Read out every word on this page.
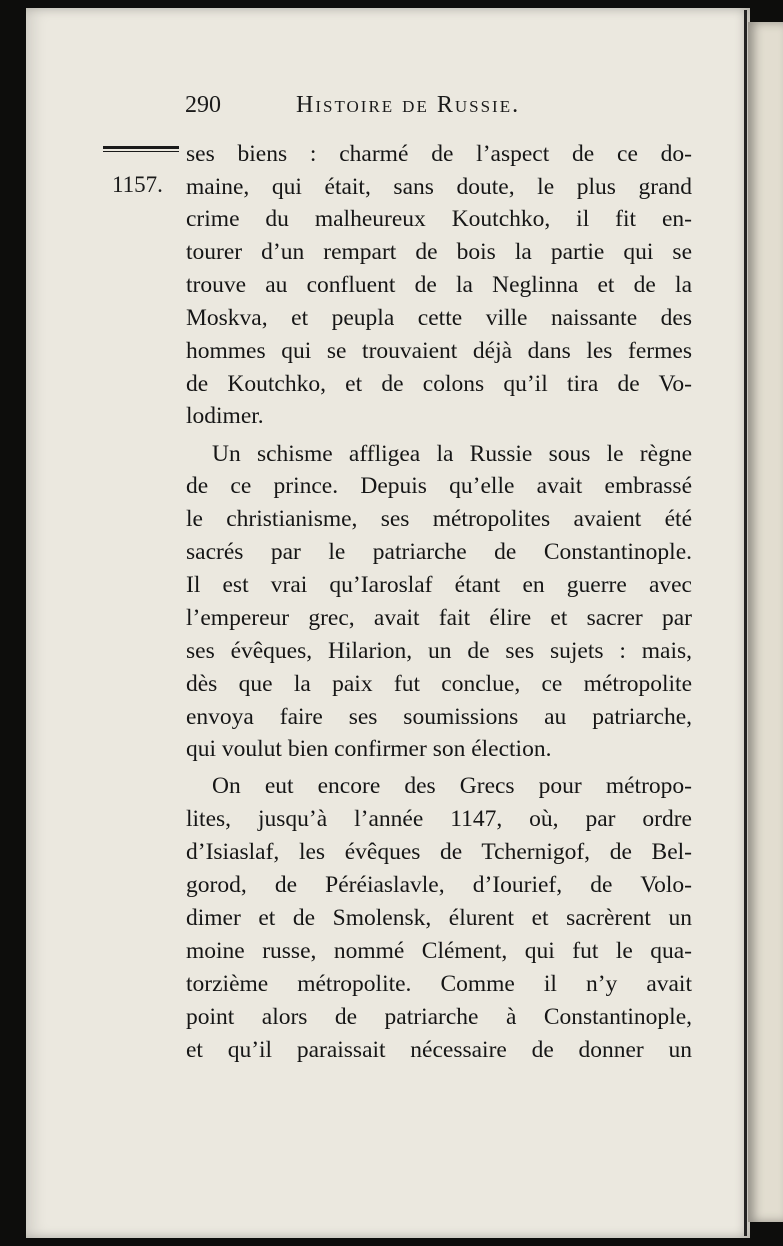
290	Histoire de Russie.
1157.
ses biens : charmé de l’aspect de ce do-
maine, qui était, sans doute, le plus grand
crime du malheureux Koutchko, il fit en-
tourer d’un rempart de bois la partie qui se
trouve au confluent de la Neglinna et de la
Moskva, et peupla cette ville naissante des
hommes qui se trouvaient déjà dans les fermes
de Koutchko, et de colons qu’il tira de Vo-
lodimer.
Un schisme affligea la Russie sous le règne
de ce prince. Depuis qu’elle avait embrassé
le christianisme, ses métropolites avaient été
sacrés par le patriarche de Constantinople.
Il est vrai qu’Iaroslaf étant en guerre avec
l’empereur grec, avait fait élire et sacrer par
ses évêques, Hilarion, un de ses sujets : mais,
dès que la paix fut conclue, ce métropolite
envoya faire ses soumissions au patriarche,
qui voulut bien confirmer son élection.
On eut encore des Grecs pour métropo-
lites, jusqu’à l’année 1147, où, par ordre
d’Isiaslaf, les évêques de Tchernigof, de Bel-
gorod, de Péréiaslavle, d’Iourief, de Volo-
dimer et de Smolensk, élurent et sacrèrent un
moine russe, nommé Clément, qui fut le qua-
torzième métropolite. Comme il n’y avait
point alors de patriarche à Constantinople,
et qu’il paraissait nécessaire de donner un
